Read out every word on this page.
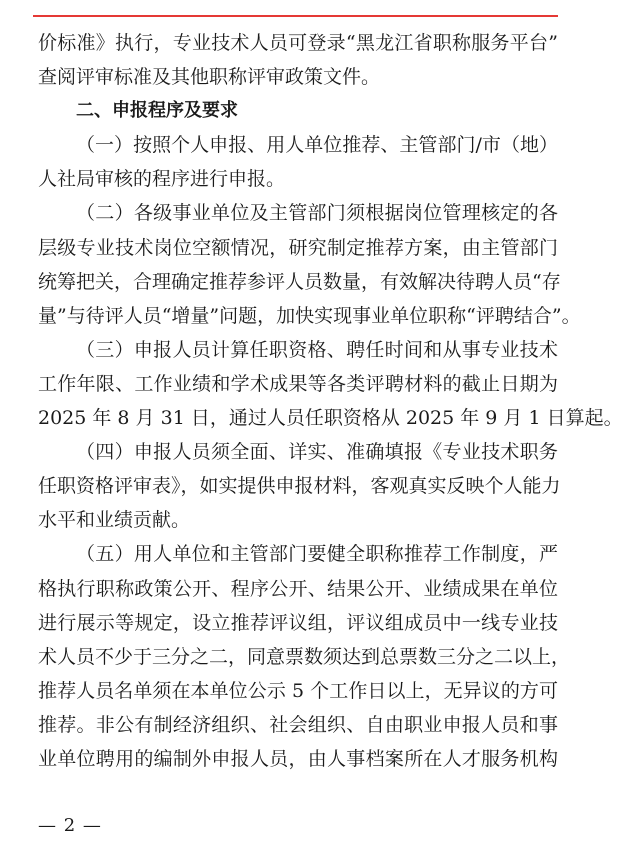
价标准》执行，专业技术人员可登录“黑龙江省职称服务平台”
查阅评审标准及其他职称评审政策文件。
二、申报程序及要求
（一）按照个人申报、用人单位推荐、主管部门/市（地）
人社局审核的程序进行申报。
（二）各级事业单位及主管部门须根据岗位管理核定的各
层级专业技术岗位空额情况，研究制定推荐方案，由主管部门
统筹把关，合理确定推荐参评人员数量，有效解决待聘人员“存
量”与待评人员“增量”问题，加快实现事业单位职称“评聘结合”。
（三）申报人员计算任职资格、聘任时间和从事专业技术
工作年限、工作业绩和学术成果等各类评聘材料的截止日期为
2025 年 8 月 31 日，通过人员任职资格从 2025 年 9 月 1 日算起。
（四）申报人员须全面、详实、准确填报《专业技术职务
任职资格评审表》，如实提供申报材料，客观真实反映个人能力
水平和业绩贡献。
（五）用人单位和主管部门要健全职称推荐工作制度，严
格执行职称政策公开、程序公开、结果公开、业绩成果在单位
进行展示等规定，设立推荐评议组，评议组成员中一线专业技
术人员不少于三分之二，同意票数须达到总票数三分之二以上，
推荐人员名单须在本单位公示 5 个工作日以上，无异议的方可
推荐。非公有制经济组织、社会组织、自由职业申报人员和事
业单位聘用的编制外申报人员，由人事档案所在人才服务机构
— 2 —
